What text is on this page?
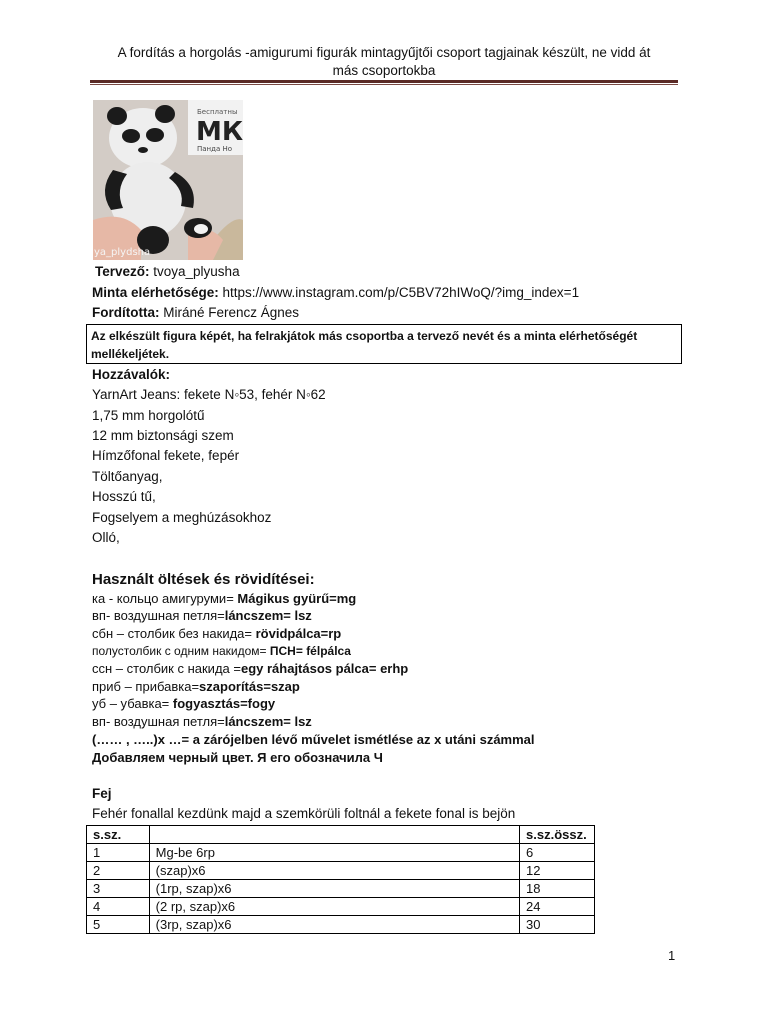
A fordítás a horgolás -amigurumi figurák mintagyűjtői csoport tagjainak készült, ne vidd át
más csoportokba
Бесплатны
МК
Панда Но
ya_plydsha
Tervező: tvoya_plyusha
Minta elérhetősége: https://www.instagram.com/p/C5BV72hIWoQ/?img_index=1
Fordította: Miráné Ferencz Ágnes
Az elkészült figura képét, ha felrakjátok más csoportba a tervező nevét és a minta elérhetőségét mellékeljétek.
Hozzávalók:
YarnArt Jeans: fekete N◦53, fehér N◦62
1,75 mm horgolótű
12 mm biztonsági szem
Hímzőfonal fekete, fepér
Töltőanyag,
Hosszú tű,
Fogselyem a meghúzásokhoz
Olló,
Használt öltések és rövidítései:
ка - кольцо амигуруми= Mágikus gyürű=mg
вп- воздушная петля=láncszem= lsz
сбн – столбик без накида= rövidpálca=rp
полустолбик с одним накидом= ПСН= félpálca
ссн – столбик с накида =egy ráhajtásos pálca= erhp
приб – прибавка=szaporítás=szap
уб – убавка= fogyasztás=fogy
вп- воздушная петля=láncszem= lsz
(…… , …..)x …= a zárójelben lévő művelet ismétlése az x utáni számmal
Добавляем черный цвет. Я его обозначила Ч
Fej
Fehér fonallal kezdünk majd a szemkörüli foltnál a fekete fonal is bejön
s.sz.		s.sz.össz.
1	Mg-be 6rp	6
2	(szap)x6	12
3	(1rp, szap)x6	18
4	(2 rp, szap)x6	24
5	(3rp, szap)x6	30
1
